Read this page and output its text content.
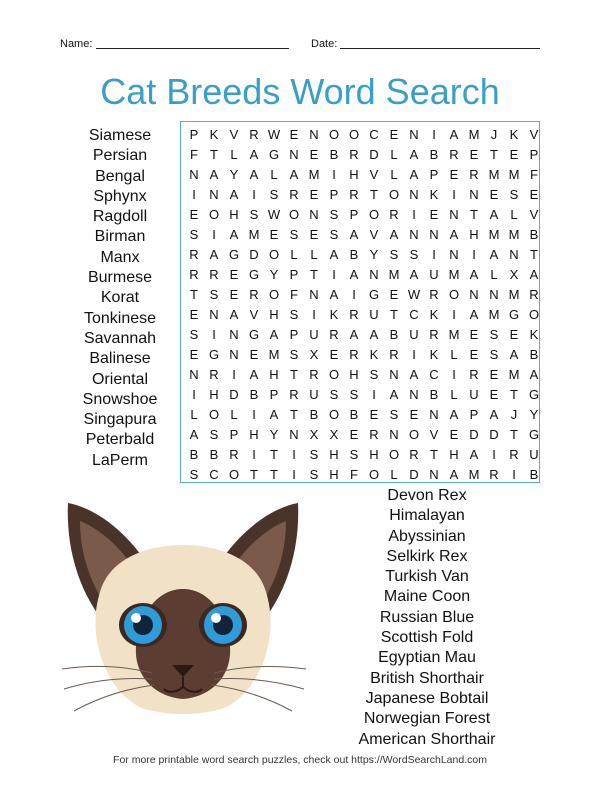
Name:	Date:
Cat Breeds Word Search
Siamese
Persian
Bengal
Sphynx
Ragdoll
Birman
Manx
Burmese
Korat
Tonkinese
Savannah
Balinese
Oriental
Snowshoe
Singapura
Peterbald
LaPerm
P K V R W E N O O C E N	I	A M J K V
F T L A G N E B R D L A B R E T E P
N A Y A L A M I	H V L A P E R M M F
I	N A	I	S R E P R T O N K	I	N E S E
E O H S W O N S P O R	I	E N T A L V
S	I	A M E S E S A V A N N A H M M B
R A G D O L L A B Y S S	I	N	I	A N T
R R E G Y P T	I	A N M A U M A L X A
T S E R O F N A	I	G E W R O N N M R
E N A V H S	I	K R U T C K	I	A M G O
S	I	N G A P U R A A B U R M E S E K
E G N E M S X E R K R	I	K L E S A B
N R	I	A H T R O H S N A C	I	R E M A
I	H D B P R U S S	I	A N B L U E T G
L O L	I	A T B O B E S E N A P A J Y
A S P H Y N X X E R N O V E D D T G
B B R	I	T	I	S H S H O R T H A	I	R U
S C O T T	I	S H F O L D N A M R	I	B
Devon Rex
Himalayan
Abyssinian
Selkirk Rex
Turkish Van
Maine Coon
Russian Blue
Scottish Fold
Egyptian Mau
British Shorthair
Japanese Bobtail
Norwegian Forest
American Shorthair
For more printable word search puzzles, check out https://WordSearchLand.com
